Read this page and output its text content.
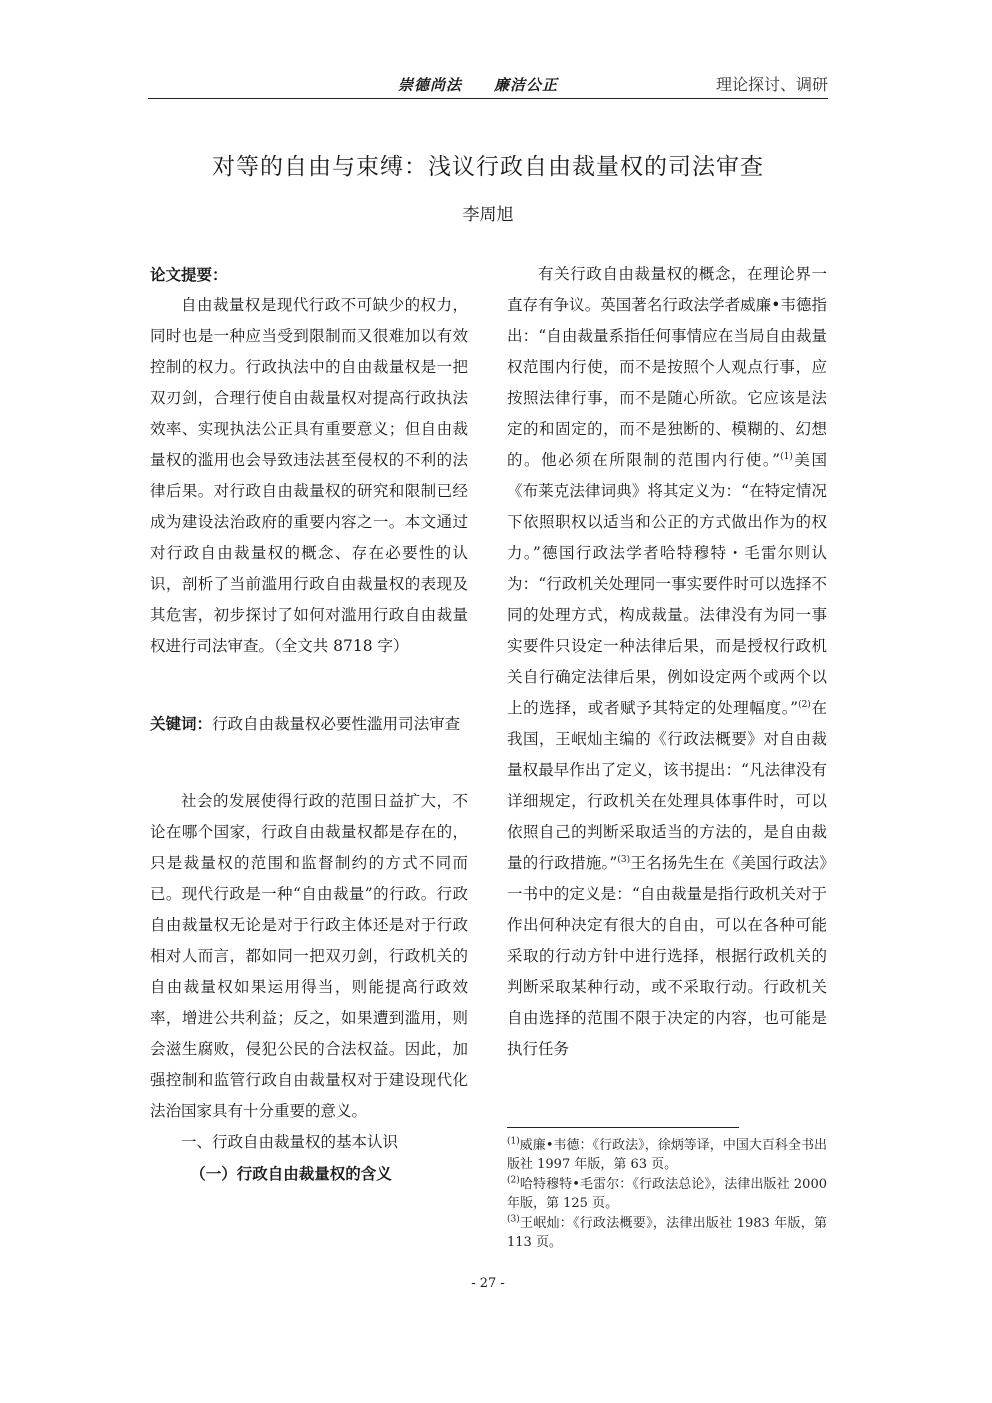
崇德尚法　　廉洁公正	理论探讨、调研
对等的自由与束缚：浅议行政自由裁量权的司法审查
李周旭

论文提要：

自由裁量权是现代行政不可缺少的权力，同时也是一种应当受到限制而又很难加以有效控制的权力。行政执法中的自由裁量权是一把双刃剑，合理行使自由裁量权对提高行政执法效率、实现执法公正具有重要意义；但自由裁量权的滥用也会导致违法甚至侵权的不利的法律后果。对行政自由裁量权的研究和限制已经成为建设法治政府的重要内容之一。本文通过对行政自由裁量权的概念、存在必要性的认识，剖析了当前滥用行政自由裁量权的表现及其危害，初步探讨了如何对滥用行政自由裁量权进行司法审查。（全文共 8718 字）

关键词：行政自由裁量权必要性滥用司法审查

社会的发展使得行政的范围日益扩大，不论在哪个国家，行政自由裁量权都是存在的，只是裁量权的范围和监督制约的方式不同而已。现代行政是一种“自由裁量”的行政。行政自由裁量权无论是对于行政主体还是对于行政相对人而言，都如同一把双刃剑，行政机关的自由裁量权如果运用得当，则能提高行政效率，增进公共利益；反之，如果遭到滥用，则会滋生腐败，侵犯公民的合法权益。因此，加强控制和监管行政自由裁量权对于建设现代化法治国家具有十分重要的意义。

一、行政自由裁量权的基本认识

（一）行政自由裁量权的含义

有关行政自由裁量权的概念，在理论界一直存有争议。英国著名行政法学者威廉•韦德指出：“自由裁量系指任何事情应在当局自由裁量权范围内行使，而不是按照个人观点行事，应按照法律行事，而不是随心所欲。它应该是法定的和固定的，而不是独断的、模糊的、幻想的。他必须在所限制的范围内行使。”$^{(1)}$美国《布莱克法律词典》将其定义为：“在特定情况下依照职权以适当和公正的方式做出作为的权力。”德国行政法学者哈特穆特・毛雷尔则认为：“行政机关处理同一事实要件时可以选择不同的处理方式，构成裁量。法律没有为同一事实要件只设定一种法律后果，而是授权行政机关自行确定法律后果，例如设定两个或两个以上的选择，或者赋予其特定的处理幅度。”$^{(2)}$在我国，王岷灿主编的《行政法概要》对自由裁量权最早作出了定义，该书提出：“凡法律没有详细规定，行政机关在处理具体事件时，可以依照自己的判断采取适当的方法的，是自由裁量的行政措施。”$^{(3)}$王名扬先生在《美国行政法》一书中的定义是：“自由裁量是指行政机关对于作出何种决定有很大的自由，可以在各种可能采取的行动方针中进行选择，根据行政机关的判断采取某种行动，或不采取行动。行政机关自由选择的范围不限于决定的内容，也可能是执行任务

$^{(1)}$威廉•韦德：《行政法》，徐炳等译，中国大百科全书出版社 1997 年版，第 63 页。

$^{(2)}$哈特穆特•毛雷尔：《行政法总论》，法律出版社 2000 年版，第 125 页。

$^{(3)}$王岷灿：《行政法概要》，法律出版社 1983 年版，第 113 页。

- 27 -
